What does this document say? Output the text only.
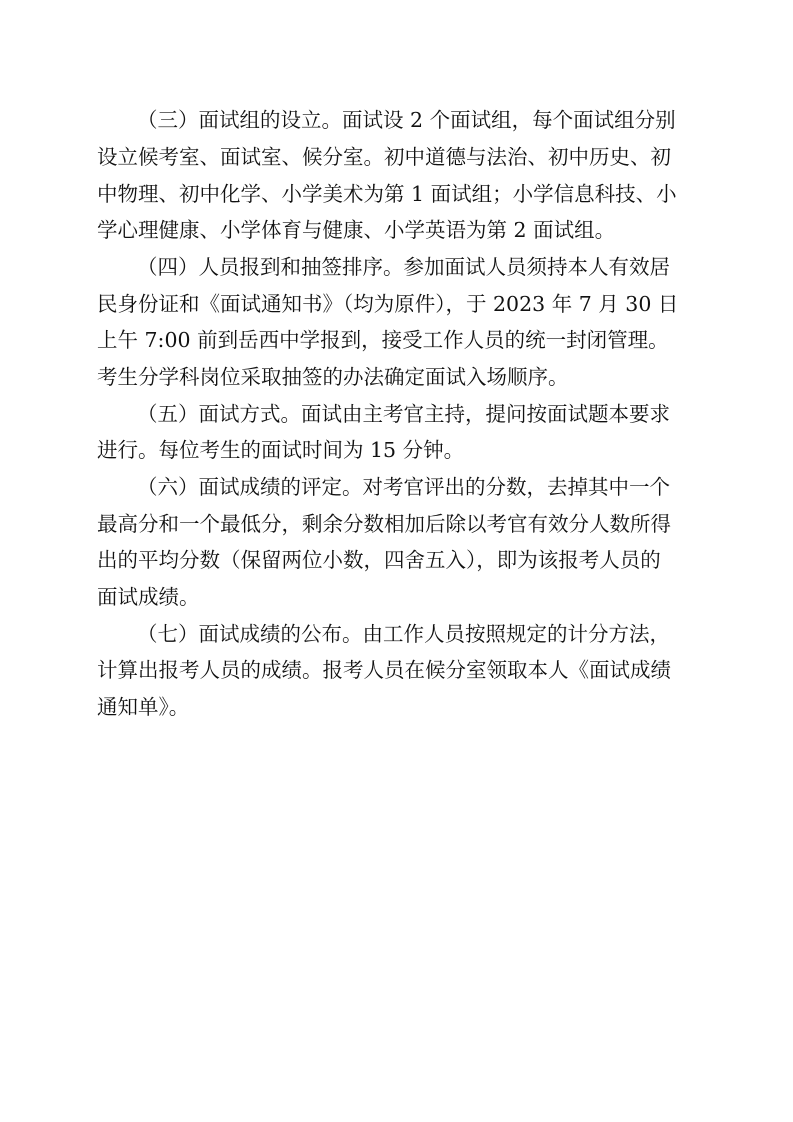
（三）面试组的设立。面试设 2 个面试组，每个面试组分别
设立候考室、面试室、候分室。初中道德与法治、初中历史、初
中物理、初中化学、小学美术为第 1 面试组；小学信息科技、小
学心理健康、小学体育与健康、小学英语为第 2 面试组。
（四）人员报到和抽签排序。参加面试人员须持本人有效居
民身份证和《面试通知书》（均为原件），于 2023 年 7 月 30 日
上午 7:00 前到岳西中学报到，接受工作人员的统一封闭管理。
考生分学科岗位采取抽签的办法确定面试入场顺序。
（五）面试方式。面试由主考官主持，提问按面试题本要求
进行。每位考生的面试时间为 15 分钟。
（六）面试成绩的评定。对考官评出的分数，去掉其中一个
最高分和一个最低分，剩余分数相加后除以考官有效分人数所得
出的平均分数（保留两位小数，四舍五入），即为该报考人员的
面试成绩。
（七）面试成绩的公布。由工作人员按照规定的计分方法，
计算出报考人员的成绩。报考人员在候分室领取本人《面试成绩
通知单》。
